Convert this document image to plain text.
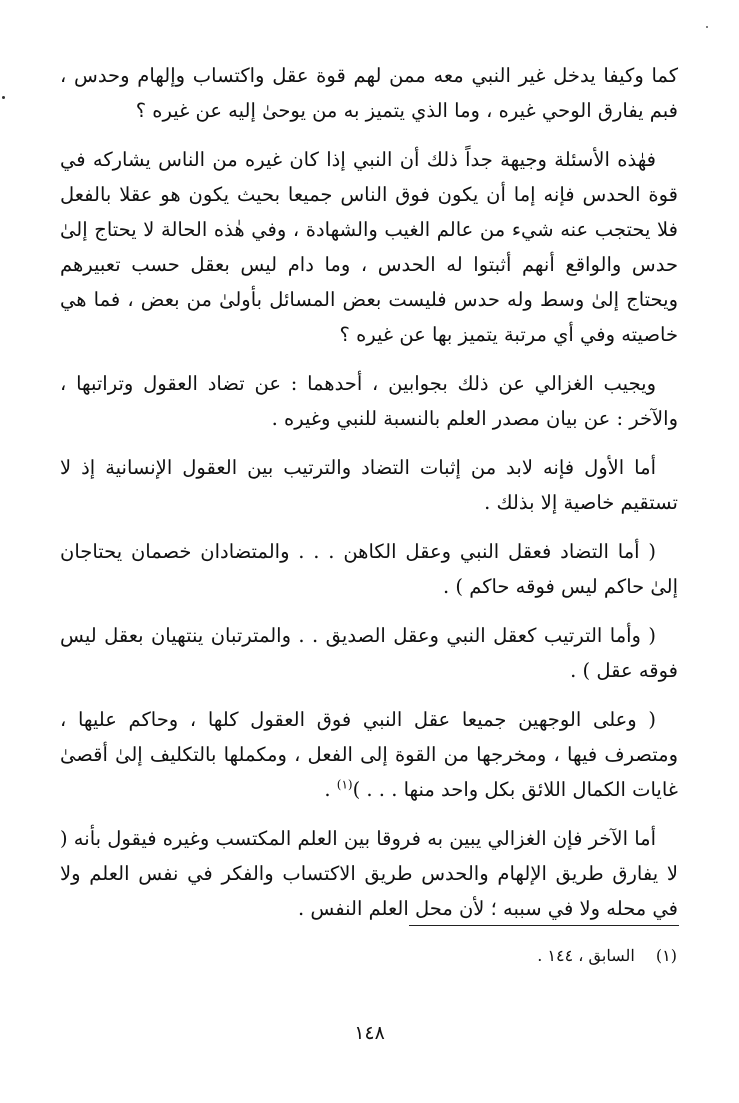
كما وكيفا يدخل غير النبي معه ممن لهم قوة عقل واكتساب وإلهام وحدس ، فبم يفارق الوحي غيره ، وما الذي يتميز به من يوحىٰ إليه عن غيره ؟

فهٰذه الأسئلة وجيهة جداً ذلك أن النبي إذا كان غيره من الناس يشاركه في قوة الحدس فإنه إما أن يكون فوق الناس جميعا بحيث يكون هو عقلا بالفعل فلا يحتجب عنه شيء من عالم الغيب والشهادة ، وفي هٰذه الحالة لا يحتاج إلىٰ حدس والواقع أنهم أثبتوا له الحدس ، وما دام ليس بعقل حسب تعبيرهم ويحتاج إلىٰ وسط وله حدس فليست بعض المسائل بأولىٰ من بعض ، فما هي خاصيته وفي أي مرتبة يتميز بها عن غيره ؟

ويجيب الغزالي عن ذلك بجوابين ، أحدهما : عن تضاد العقول وتراتبها ، والآخر : عن بيان مصدر العلم بالنسبة للنبي وغيره .

أما الأول فإنه لابد من إثبات التضاد والترتيب بين العقول الإنسانية إذ لا تستقيم خاصية إلا بذلك .

( أما التضاد فعقل النبي وعقل الكاهن . . . والمتضادان خصمان يحتاجان إلىٰ حاكم ليس فوقه حاكم ) .

( وأما الترتيب كعقل النبي وعقل الصديق . . والمترتبان ينتهيان بعقل ليس فوقه عقل ) .

( وعلى الوجهين جميعا عقل النبي فوق العقول كلها ، وحاكم عليها ، ومتصرف فيها ، ومخرجها من القوة إلى الفعل ، ومكملها بالتكليف إلىٰ أقصىٰ غايات الكمال اللائق بكل واحد منها . . . )$^{(١)}$ .

أما الآخر فإن الغزالي يبين به فروقا بين العلم المكتسب وغيره فيقول بأنه ( لا يفارق طريق الإلهام والحدس طريق الاكتساب والفكر في نفس العلم ولا في محله ولا في سببه ؛ لأن محل العلم النفس .

(١) السابق ، ١٤٤ .
١٤٨
